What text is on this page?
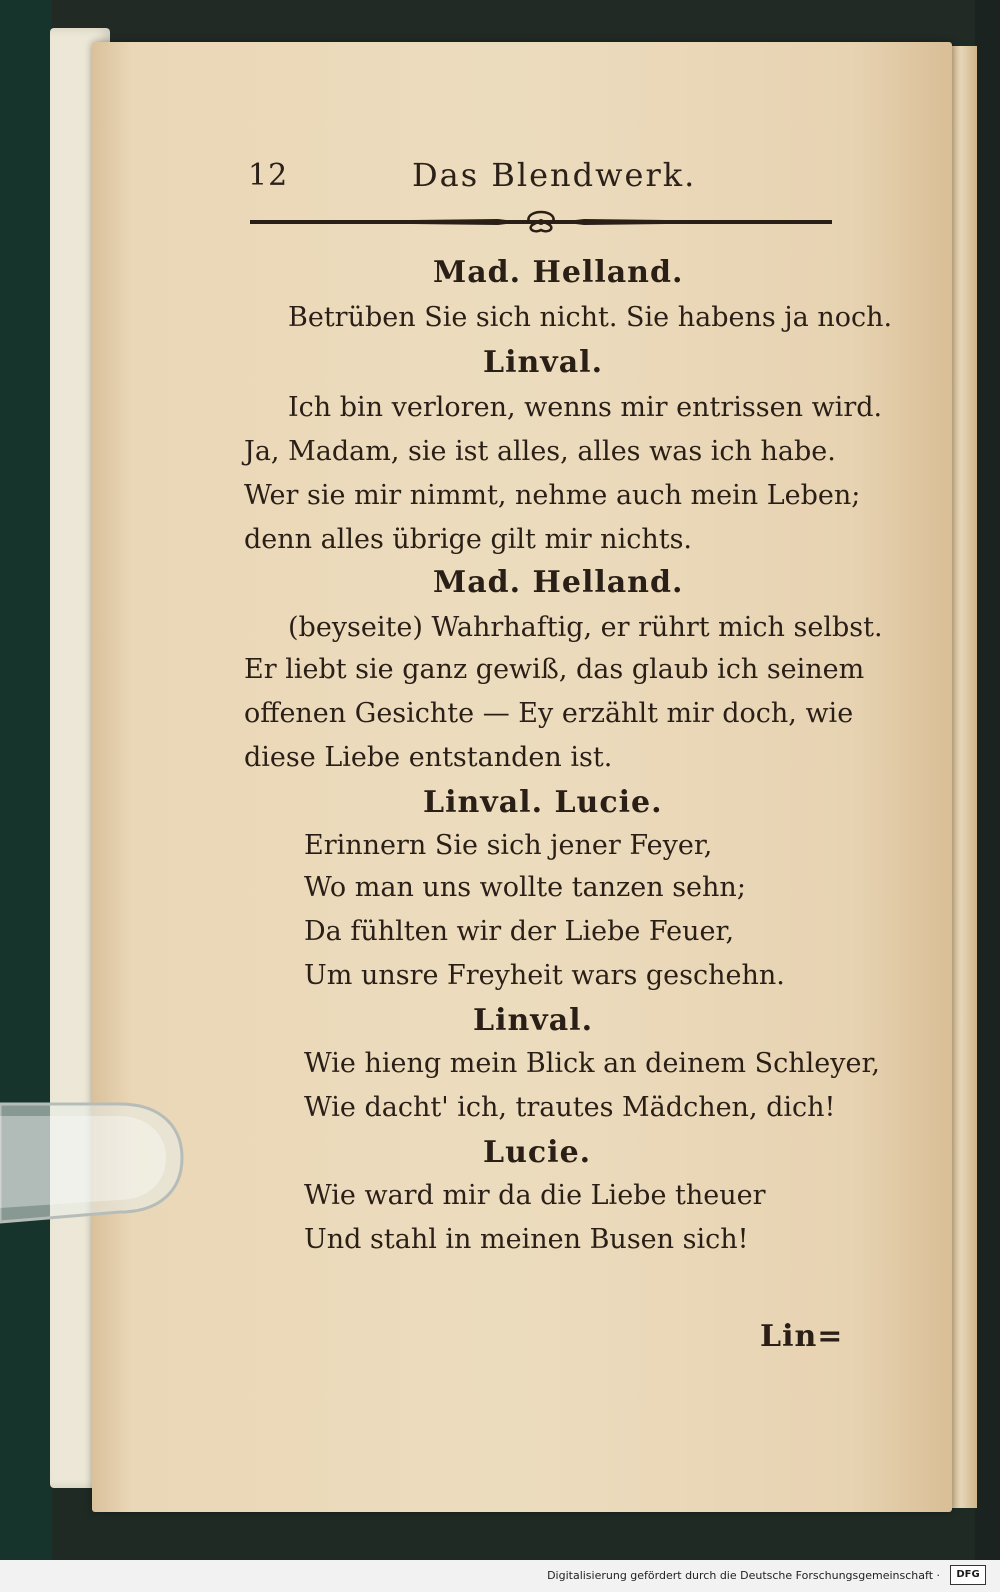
12	Das Blendwerk.
Mad. Helland.
Betrüben Sie sich nicht. Sie habens ja noch.
Linval.
Ich bin verloren, wenns mir entrissen wird.
Ja, Madam, sie ist alles, alles was ich habe.
Wer sie mir nimmt, nehme auch mein Leben;
denn alles übrige gilt mir nichts.
Mad. Helland.
(beyseite) Wahrhaftig, er rührt mich selbst.
Er liebt sie ganz gewiß, das glaub ich seinem
offenen Gesichte — Ey erzählt mir doch, wie
diese Liebe entstanden ist.
Linval. Lucie.
Erinnern Sie sich jener Feyer,
Wo man uns wollte tanzen sehn;
Da fühlten wir der Liebe Feuer,
Um unsre Freyheit wars geschehn.
Linval.
Wie hieng mein Blick an deinem Schleyer,
Wie dacht' ich, trautes Mädchen, dich!
Lucie.
Wie ward mir da die Liebe theuer
Und stahl in meinen Busen sich!
Lin=
Digitalisierung gefördert durch die Deutsche Forschungsgemeinschaft ·	DFG
